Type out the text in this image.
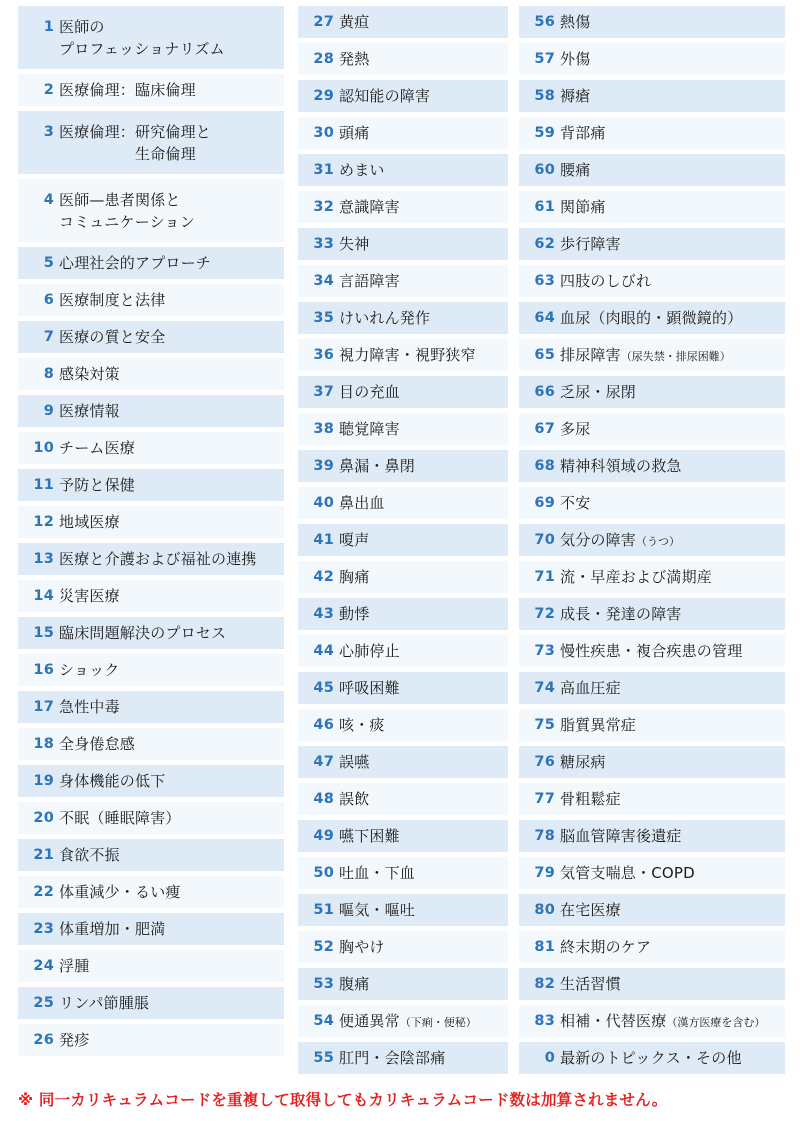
1 医師の
プロフェッショナリズム
2 医療倫理：臨床倫理
3 医療倫理：研究倫理と
　　　　　生命倫理
4 医師—患者関係と
コミュニケーション
5 心理社会的アプローチ
6 医療制度と法律
7 医療の質と安全
8 感染対策
9 医療情報
10 チーム医療
11 予防と保健
12 地域医療
13 医療と介護および福祉の連携
14 災害医療
15 臨床問題解決のプロセス
16 ショック
17 急性中毒
18 全身倦怠感
19 身体機能の低下
20 不眠（睡眠障害）
21 食欲不振
22 体重減少・るい痩
23 体重増加・肥満
24 浮腫
25 リンパ節腫脹
26 発疹
27 黄疸
28 発熱
29 認知能の障害
30 頭痛
31 めまい
32 意識障害
33 失神
34 言語障害
35 けいれん発作
36 視力障害・視野狭窄
37 目の充血
38 聴覚障害
39 鼻漏・鼻閉
40 鼻出血
41 嗄声
42 胸痛
43 動悸
44 心肺停止
45 呼吸困難
46 咳・痰
47 誤嚥
48 誤飲
49 嚥下困難
50 吐血・下血
51 嘔気・嘔吐
52 胸やけ
53 腹痛
54 便通異常（下痢・便秘）
55 肛門・会陰部痛
56 熱傷
57 外傷
58 褥瘡
59 背部痛
60 腰痛
61 関節痛
62 歩行障害
63 四肢のしびれ
64 血尿（肉眼的・顕微鏡的）
65 排尿障害（尿失禁・排尿困難）
66 乏尿・尿閉
67 多尿
68 精神科領域の救急
69 不安
70 気分の障害（うつ）
71 流・早産および満期産
72 成長・発達の障害
73 慢性疾患・複合疾患の管理
74 高血圧症
75 脂質異常症
76 糖尿病
77 骨粗鬆症
78 脳血管障害後遺症
79 気管支喘息・COPD
80 在宅医療
81 終末期のケア
82 生活習慣
83 相補・代替医療（漢方医療を含む）
0 最新のトピックス・その他
※ 同一カリキュラムコードを重複して取得してもカリキュラムコード数は加算されません。
